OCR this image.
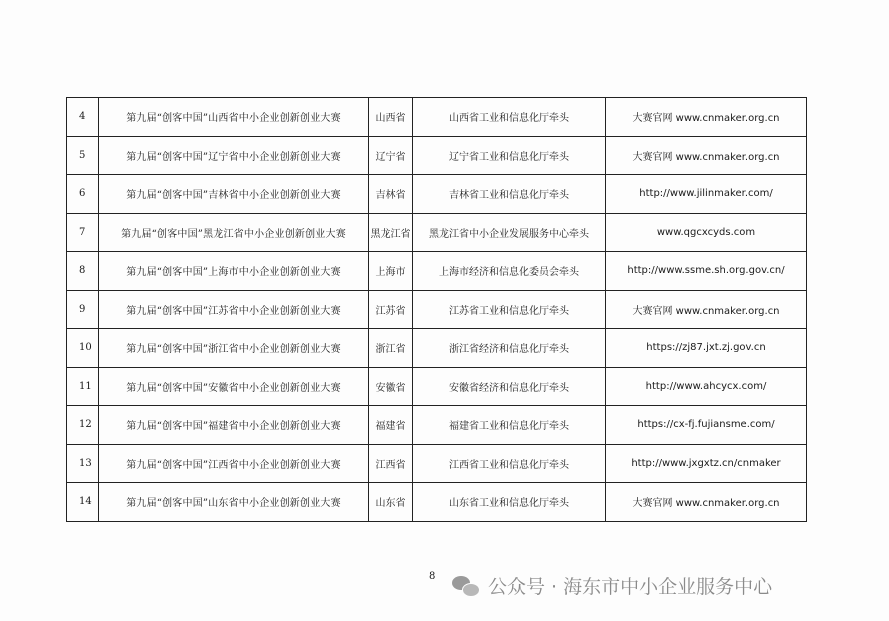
4	第九届“创客中国”山西省中小企业创新创业大赛	山西省	山西省工业和信息化厅牵头	大赛官网 www.cnmaker.org.cn
5	第九届“创客中国”辽宁省中小企业创新创业大赛	辽宁省	辽宁省工业和信息化厅牵头	大赛官网 www.cnmaker.org.cn
6	第九届“创客中国”吉林省中小企业创新创业大赛	吉林省	吉林省工业和信息化厅牵头	http://www.jilinmaker.com/
7	第九届“创客中国”黑龙江省中小企业创新创业大赛	黑龙江省	黑龙江省中小企业发展服务中心牵头	www.qgcxcyds.com
8	第九届“创客中国”上海市中小企业创新创业大赛	上海市	上海市经济和信息化委员会牵头	http://www.ssme.sh.org.gov.cn/
9	第九届“创客中国”江苏省中小企业创新创业大赛	江苏省	江苏省工业和信息化厅牵头	大赛官网 www.cnmaker.org.cn
10	第九届“创客中国”浙江省中小企业创新创业大赛	浙江省	浙江省经济和信息化厅牵头	https://zj87.jxt.zj.gov.cn
11	第九届“创客中国”安徽省中小企业创新创业大赛	安徽省	安徽省经济和信息化厅牵头	http://www.ahcycx.com/
12	第九届“创客中国”福建省中小企业创新创业大赛	福建省	福建省工业和信息化厅牵头	https://cx-fj.fujiansme.com/
13	第九届“创客中国”江西省中小企业创新创业大赛	江西省	江西省工业和信息化厅牵头	http://www.jxgxtz.cn/cnmaker
14	第九届“创客中国”山东省中小企业创新创业大赛	山东省	山东省工业和信息化厅牵头	大赛官网 www.cnmaker.org.cn
8	公众号 · 海东市中小企业服务中心
